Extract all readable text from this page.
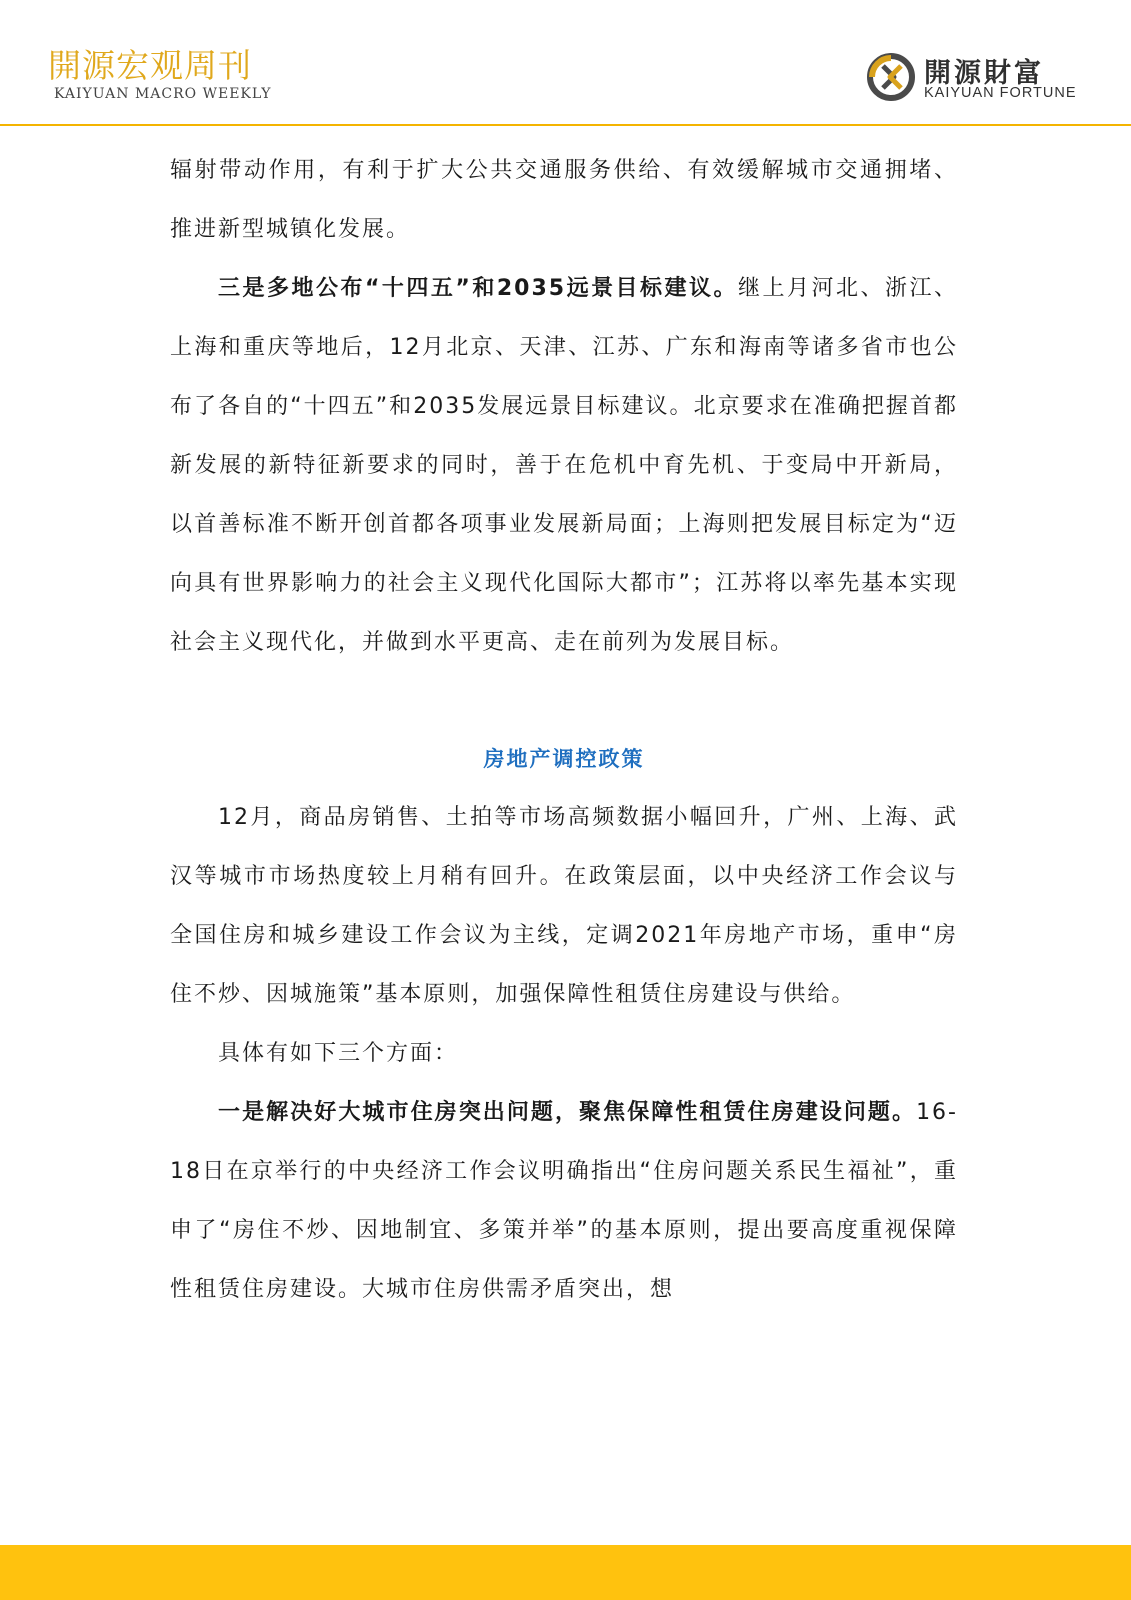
開源宏观周刊
KAIYUAN MACRO WEEKLY
開源財富
KAIYUAN FORTUNE

辐射带动作用，有利于扩大公共交通服务供给、有效缓解城市交通拥堵、推进新型城镇化发展。

三是多地公布“十四五”和2035远景目标建议。继上月河北、浙江、上海和重庆等地后，12月北京、天津、江苏、广东和海南等诸多省市也公布了各自的“十四五”和2035发展远景目标建议。北京要求在准确把握首都新发展的新特征新要求的同时，善于在危机中育先机、于变局中开新局，以首善标准不断开创首都各项事业发展新局面；上海则把发展目标定为“迈向具有世界影响力的社会主义现代化国际大都市”；江苏将以率先基本实现社会主义现代化，并做到水平更高、走在前列为发展目标。

房地产调控政策

12月，商品房销售、土拍等市场高频数据小幅回升，广州、上海、武汉等城市市场热度较上月稍有回升。在政策层面，以中央经济工作会议与全国住房和城乡建设工作会议为主线，定调2021年房地产市场，重申“房住不炒、因城施策”基本原则，加强保障性租赁住房建设与供给。

具体有如下三个方面：

一是解决好大城市住房突出问题，聚焦保障性租赁住房建设问题。16-18日在京举行的中央经济工作会议明确指出“住房问题关系民生福祉”，重申了“房住不炒、因地制宜、多策并举”的基本原则，提出要高度重视保障性租赁住房建设。大城市住房供需矛盾突出，想
